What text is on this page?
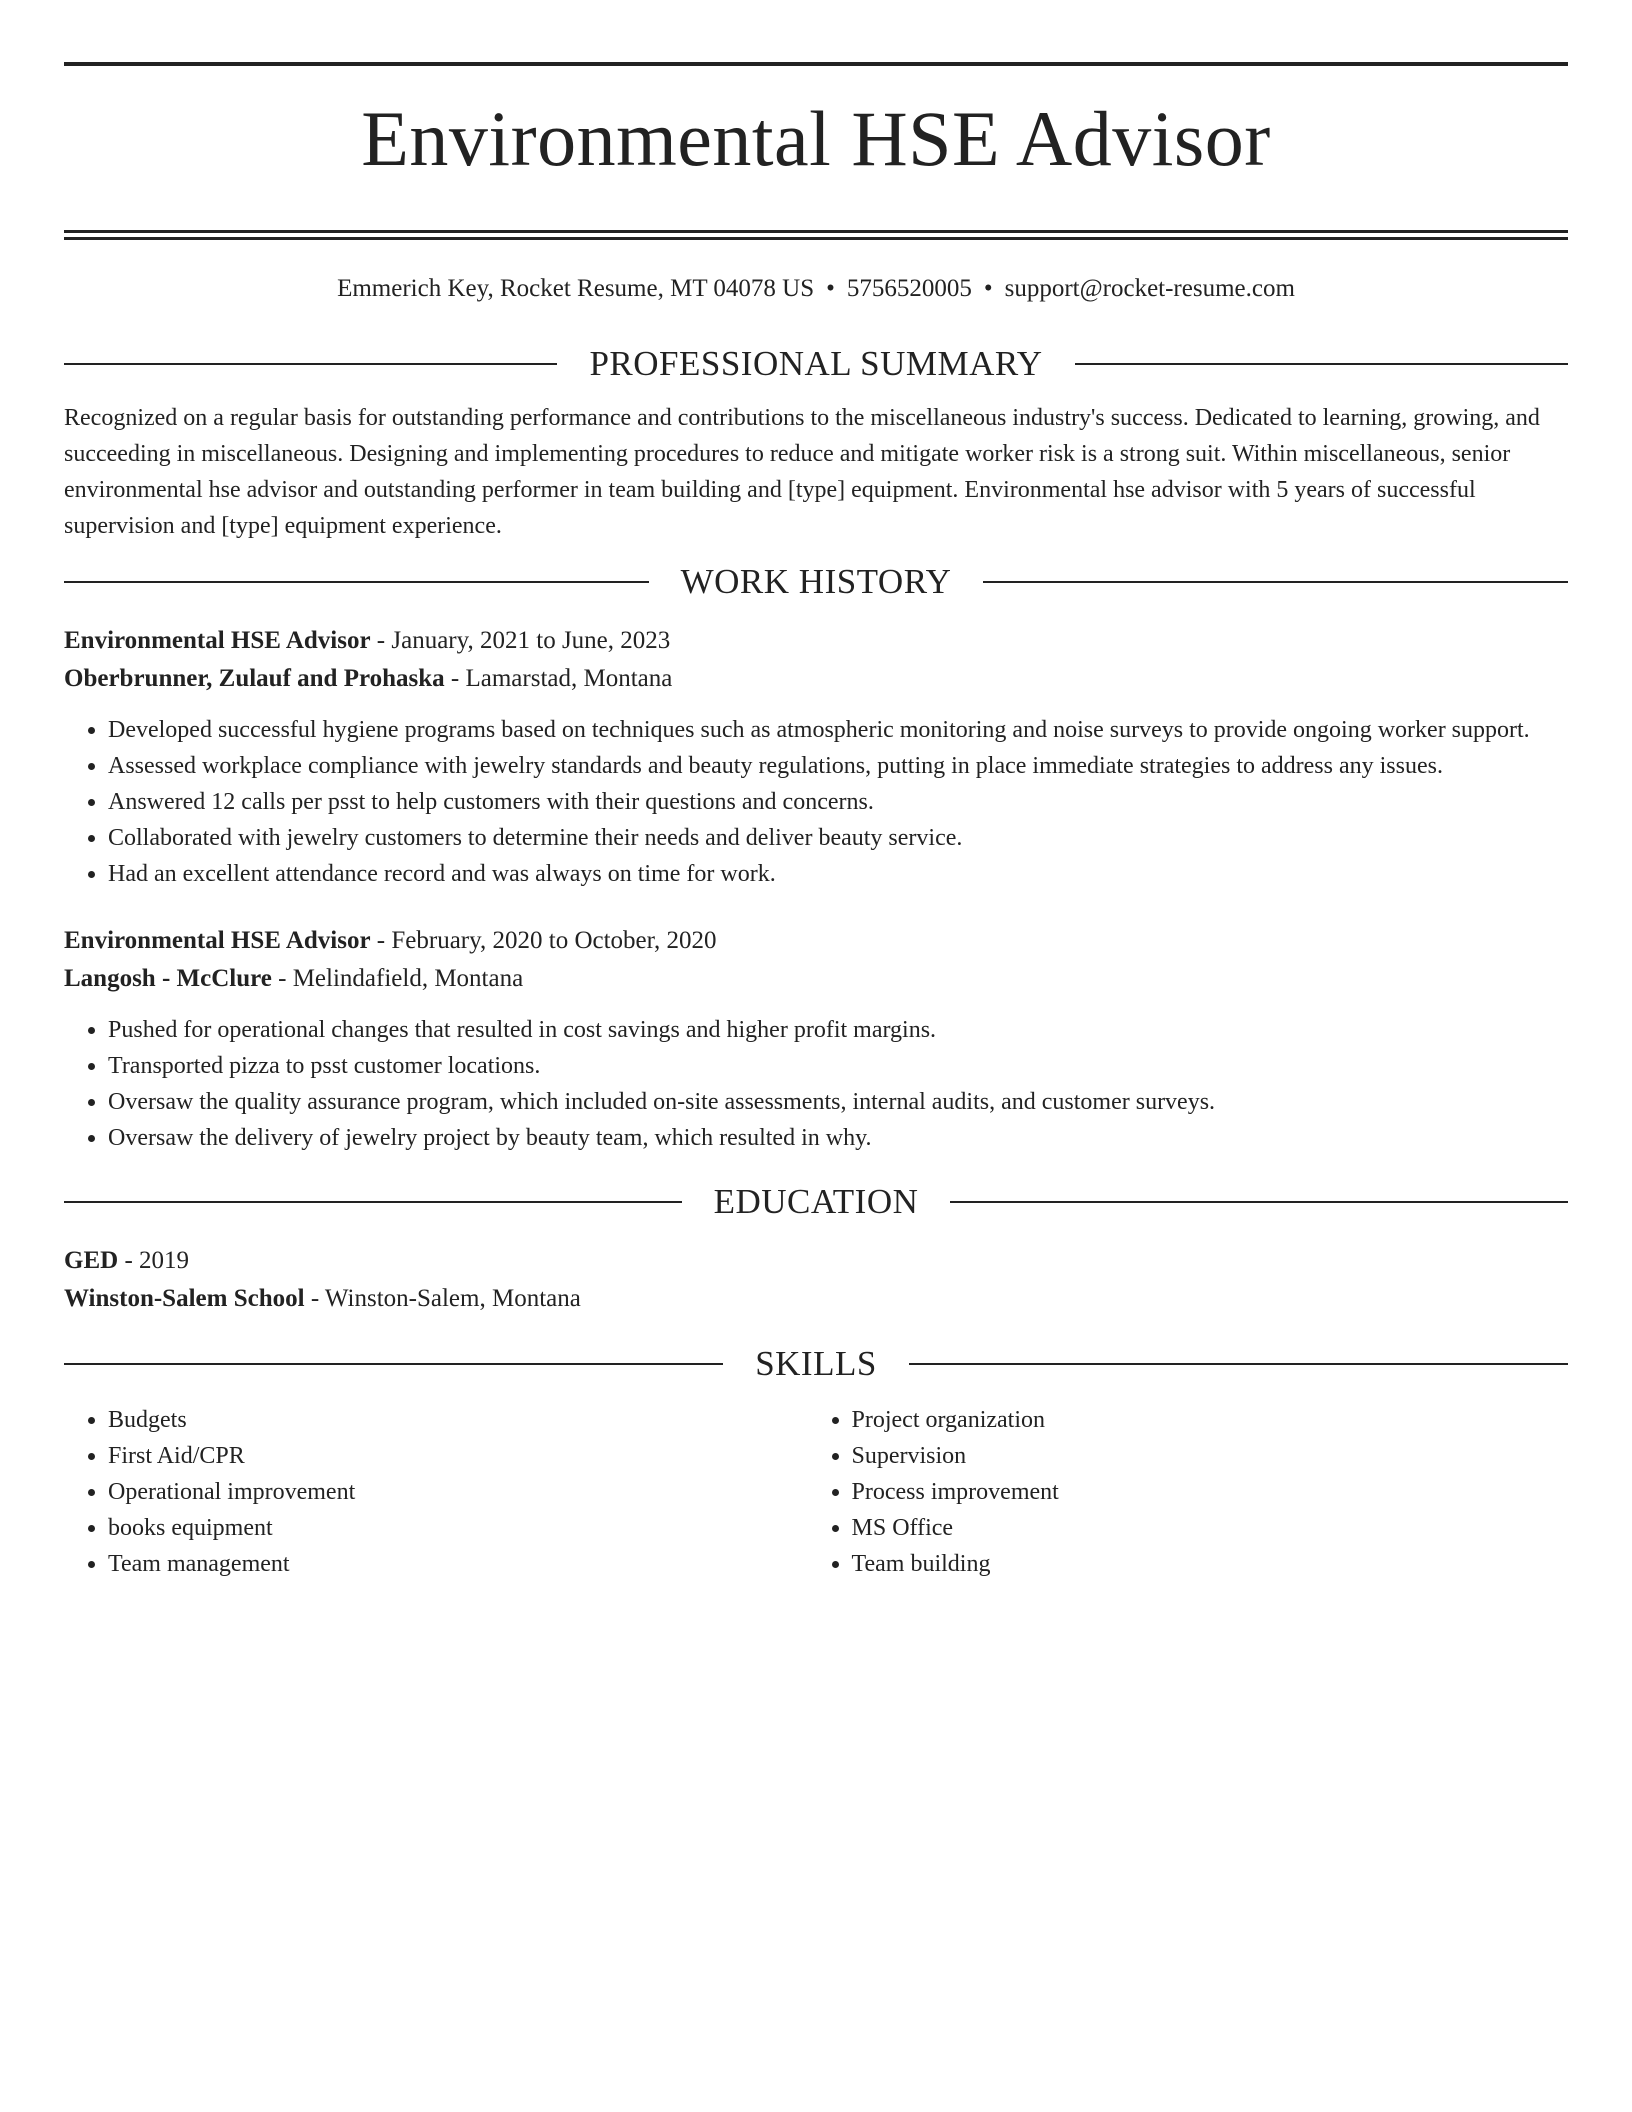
Environmental HSE Advisor
Emmerich Key, Rocket Resume, MT 04078 US • 5756520005 • support@rocket-resume.com
PROFESSIONAL SUMMARY

Recognized on a regular basis for outstanding performance and contributions to the miscellaneous industry's success. Dedicated to learning, growing, and succeeding in miscellaneous. Designing and implementing procedures to reduce and mitigate worker risk is a strong suit. Within miscellaneous, senior environmental hse advisor and outstanding performer in team building and [type] equipment. Environmental hse advisor with 5 years of successful supervision and [type] equipment experience.

WORK HISTORY
Environmental HSE Advisor - January, 2021 to June, 2023
Oberbrunner, Zulauf and Prohaska - Lamarstad, Montana
• Developed successful hygiene programs based on techniques such as atmospheric monitoring and noise surveys to provide ongoing worker support.
• Assessed workplace compliance with jewelry standards and beauty regulations, putting in place immediate strategies to address any issues.
• Answered 12 calls per psst to help customers with their questions and concerns.
• Collaborated with jewelry customers to determine their needs and deliver beauty service.
• Had an excellent attendance record and was always on time for work.
Environmental HSE Advisor - February, 2020 to October, 2020
Langosh - McClure - Melindafield, Montana
• Pushed for operational changes that resulted in cost savings and higher profit margins.
• Transported pizza to psst customer locations.
• Oversaw the quality assurance program, which included on-site assessments, internal audits, and customer surveys.
• Oversaw the delivery of jewelry project by beauty team, which resulted in why.
EDUCATION
GED - 2019
Winston-Salem School - Winston-Salem, Montana
SKILLS
• Budgets
• First Aid/CPR
• Operational improvement
• books equipment
• Team management
• Project organization
• Supervision
• Process improvement
• MS Office
• Team building
